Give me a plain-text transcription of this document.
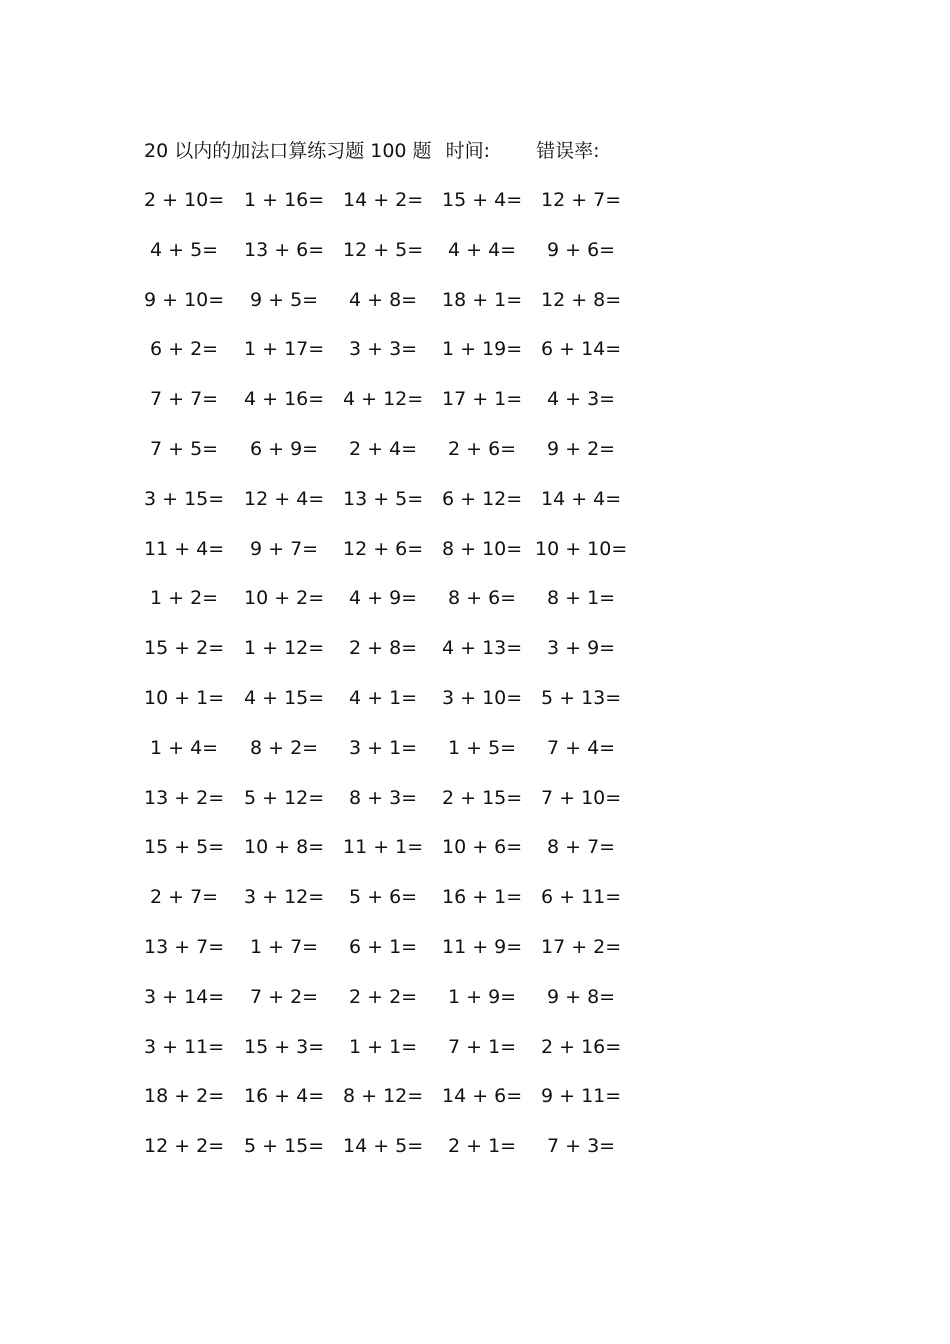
20 以内的加法口算练习题 100 题 时间: 错误率:
2 + 10= 1 + 16= 14 + 2= 15 + 4= 12 + 7=
4 + 5= 13 + 6= 12 + 5= 4 + 4= 9 + 6=
9 + 10= 9 + 5= 4 + 8= 18 + 1= 12 + 8=
6 + 2= 1 + 17= 3 + 3= 1 + 19= 6 + 14=
7 + 7= 4 + 16= 4 + 12= 17 + 1= 4 + 3=
7 + 5= 6 + 9= 2 + 4= 2 + 6= 9 + 2=
3 + 15= 12 + 4= 13 + 5= 6 + 12= 14 + 4=
11 + 4= 9 + 7= 12 + 6= 8 + 10= 10 + 10=
1 + 2= 10 + 2= 4 + 9= 8 + 6= 8 + 1=
15 + 2= 1 + 12= 2 + 8= 4 + 13= 3 + 9=
10 + 1= 4 + 15= 4 + 1= 3 + 10= 5 + 13=
1 + 4= 8 + 2= 3 + 1= 1 + 5= 7 + 4=
13 + 2= 5 + 12= 8 + 3= 2 + 15= 7 + 10=
15 + 5= 10 + 8= 11 + 1= 10 + 6= 8 + 7=
2 + 7= 3 + 12= 5 + 6= 16 + 1= 6 + 11=
13 + 7= 1 + 7= 6 + 1= 11 + 9= 17 + 2=
3 + 14= 7 + 2= 2 + 2= 1 + 9= 9 + 8=
3 + 11= 15 + 3= 1 + 1= 7 + 1= 2 + 16=
18 + 2= 16 + 4= 8 + 12= 14 + 6= 9 + 11=
12 + 2= 5 + 15= 14 + 5= 2 + 1= 7 + 3=
